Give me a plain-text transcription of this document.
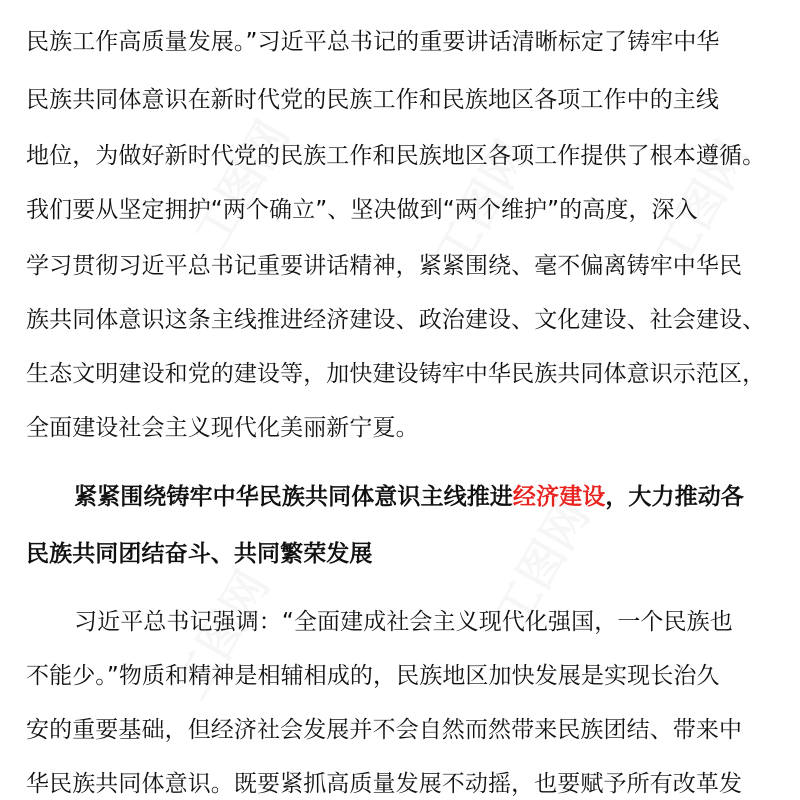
民族工作高质量发展。”习近平总书记的重要讲话清晰标定了铸牢中华
民族共同体意识在新时代党的民族工作和民族地区各项工作中的主线
地位，为做好新时代党的民族工作和民族地区各项工作提供了根本遵循。
我们要从坚定拥护“两个确立”、坚决做到“两个维护”的高度，深入
学习贯彻习近平总书记重要讲话精神，紧紧围绕、毫不偏离铸牢中华民
族共同体意识这条主线推进经济建设、政治建设、文化建设、社会建设、
生态文明建设和党的建设等，加快建设铸牢中华民族共同体意识示范区，
全面建设社会主义现代化美丽新宁夏。
紧紧围绕铸牢中华民族共同体意识主线推进经济建设，大力推动各
民族共同团结奋斗、共同繁荣发展
习近平总书记强调：“全面建成社会主义现代化强国，一个民族也
不能少。”物质和精神是相辅相成的，民族地区加快发展是实现长治久
安的重要基础，但经济社会发展并不会自然而然带来民族团结、带来中
华民族共同体意识。既要紧抓高质量发展不动摇，也要赋予所有改革发
